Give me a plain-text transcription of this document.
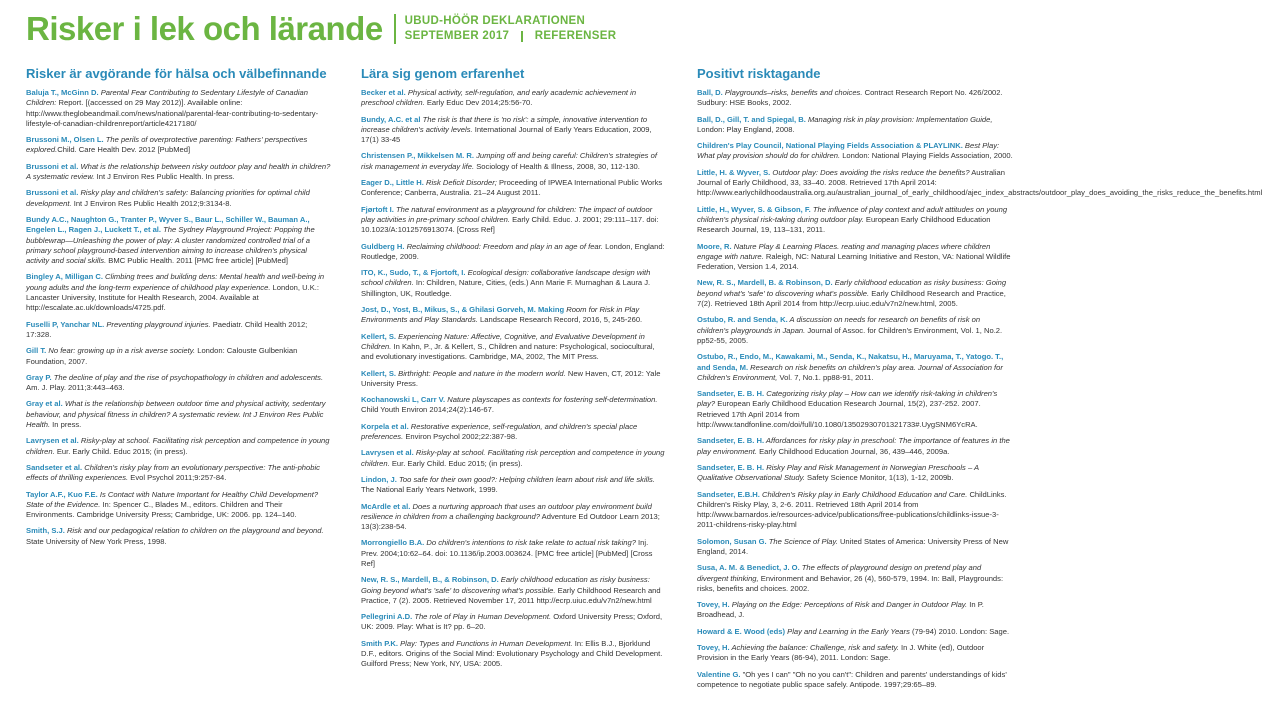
Risker i lek och lärande UBUD-HÖÖR DEKLARATIONEN
SEPTEMBER 2017 REFERENSER
Risker är avgörande för hälsa och välbefinnande

Baluja T., McGinn D. Parental Fear Contributing to Sedentary Lifestyle of Canadian Children: Report. [(accessed on 29 May 2012)]. Available online: http://www.theglobeandmail.com/news/national/parental-fear-contributing-to-sedentary-lifestyle-of-canadian-childrenreport/article4217180/

Brussoni M., Olsen L. The perils of overprotective parenting: Fathers' perspectives explored.Child. Care Health Dev. 2012 [PubMed]

Brussoni et al. What is the relationship between risky outdoor play and health in children? A systematic review. Int J Environ Res Public Health. In press.

Brussoni et al. Risky play and children's safety: Balancing priorities for optimal child development. Int J Environ Res Public Health 2012;9:3134-8.

Bundy A.C., Naughton G., Tranter P., Wyver S., Baur L., Schiller W., Bauman A., Engelen L., Ragen J., Luckett T., et al. The Sydney Playground Project: Popping the bubblewrap—Unleashing the power of play: A cluster randomized controlled trial of a primary school playground-based intervention aiming to increase children's physical activity and social skills. BMC Public Health. 2011 [PMC free article] [PubMed]

Bingley A, Milligan C. Climbing trees and building dens: Mental health and well-being in young adults and the long-term experience of childhood play experience. London, U.K.: Lancaster University, Institute for Health Research, 2004. Available at http://escalate.ac.uk/downloads/4725.pdf.

Fuselli P, Yanchar NL. Preventing playground injuries. Paediatr. Child Health 2012; 17:328.

Gill T. No fear: growing up in a risk averse society. London: Calouste Gulbenkian Foundation, 2007.

Gray P. The decline of play and the rise of psychopathology in children and adolescents. Am. J. Play. 2011;3:443–463.

Gray et al. What is the relationship between outdoor time and physical activity, sedentary behaviour, and physical fitness in children? A systematic review. Int J Environ Res Public Health. In press.

Lavrysen et al. Risky-play at school. Facilitating risk perception and competence in young children. Eur. Early Child. Educ 2015; (in press).

Sandseter et al. Children's risky play from an evolutionary perspective: The anti-phobic effects of thrilling experiences. Evol Psychol 2011;9:257-84.

Taylor A.F., Kuo F.E. Is Contact with Nature Important for Healthy Child Development? State of the Evidence. In: Spencer C., Blades M., editors. Children and Their Environments. Cambridge University Press; Cambridge, UK: 2006. pp. 124–140.

Smith, S.J. Risk and our pedagogical relation to children on the playground and beyond. State University of New York Press, 1998.

Lära sig genom erfarenhet

Becker et al. Physical activity, self-regulation, and early academic achievement in preschool children. Early Educ Dev 2014;25:56-70.

Bundy, A.C. et al The risk is that there is 'no risk': a simple, innovative intervention to increase children's activity levels. International Journal of Early Years Education, 2009, 17(1) 33-45

Christensen P., Mikkelsen M. R. Jumping off and being careful: Children's strategies of risk management in everyday life. Sociology of Health & Illness, 2008, 30, 112-130.

Eager D., Little H. Risk Deficit Disorder; Proceeding of IPWEA International Public Works Conference; Canberra, Australia. 21–24 August 2011.

Fjørtoft I. The natural environment as a playground for children: The impact of outdoor play activities in pre-primary school children. Early Child. Educ. J. 2001; 29:111–117. doi: 10.1023/A:1012576913074. [Cross Ref]

Guldberg H. Reclaiming childhood: Freedom and play in an age of fear. London, England: Routledge, 2009.

ITO, K., Sudo, T., & Fjortoft, I. Ecological design: collaborative landscape design with school children. In: Children, Nature, Cities, (eds.) Ann Marie F. Murnaghan & Laura J. Shillington, UK, Routledge.

Jost, D., Yost, B., Mikus, S., & Ghilasi Gorveh, M. Making Room for Risk in Play Environments and Play Standards. Landscape Research Record, 2016, 5, 245-260.

Kellert, S. Experiencing Nature: Affective, Cognitive, and Evaluative Development in Children. In Kahn, P., Jr. & Kellert, S., Children and nature: Psychological, sociocultural, and evolutionary investigations. Cambridge, MA, 2002, The MIT Press.

Kellert, S. Birthright: People and nature in the modern world. New Haven, CT, 2012: Yale University Press.

Kochanowski L, Carr V. Nature playscapes as contexts for fostering self-determination. Child Youth Environ 2014;24(2):146-67.

Korpela et al. Restorative experience, self-regulation, and children's special place preferences. Environ Psychol 2002;22:387-98.

Lavrysen et al. Risky-play at school. Facilitating risk perception and competence in young children. Eur. Early Child. Educ 2015; (in press).

Lindon, J. Too safe for their own good?: Helping children learn about risk and life skills. The National Early Years Network, 1999.

McArdle et al. Does a nurturing approach that uses an outdoor play environment build resilience in children from a challenging background? Adventure Ed Outdoor Learn 2013; 13(3):238-54.

Morrongiello B.A. Do children's intentions to risk take relate to actual risk taking? Inj. Prev. 2004;10:62–64. doi: 10.1136/ip.2003.003624. [PMC free article] [PubMed] [Cross Ref]

New, R. S., Mardell, B., & Robinson, D. Early childhood education as risky business: Going beyond what's 'safe' to discovering what's possible. Early Childhood Research and Practice, 7 (2). 2005. Retrieved November 17, 2011 http://ecrp.uiuc.edu/v7n2/new.html

Pellegrini A.D. The role of Play in Human Development. Oxford University Press; Oxford, UK: 2009. Play: What is It? pp. 6–20.

Smith P.K. Play: Types and Functions in Human Development. In: Ellis B.J., Bjorklund D.F., editors. Origins of the Social Mind: Evolutionary Psychology and Child Development. Guilford Press; New York, NY, USA: 2005.

Positivt risktagande

Ball, D. Playgrounds–risks, benefits and choices. Contract Research Report No. 426/2002. Sudbury: HSE Books, 2002.

Ball, D., Gill, T. and Spiegal, B. Managing risk in play provision: Implementation Guide, London: Play England, 2008.

Children's Play Council, National Playing Fields Association & PLAYLINK. Best Play: What play provision should do for children. London: National Playing Fields Association, 2000.

Little, H. & Wyver, S. Outdoor play: Does avoiding the risks reduce the benefits? Australian Journal of Early Childhood, 33, 33–40. 2008. Retrieved 17th April 2014: http://www.earlychildhoodaustralia.org.au/australian_journal_of_early_childhood/ajec_index_abstracts/outdoor_play_does_avoiding_the_risks_reduce_the_benefits.html

Little, H., Wyver, S. & Gibson, F. The influence of play context and adult attitudes on young children's physical risk-taking during outdoor play. European Early Childhood Education Research Journal, 19, 113–131, 2011.

Moore, R. Nature Play & Learning Places. reating and managing places where children engage with nature. Raleigh, NC: Natural Learning Initiative and Reston, VA: National Wildlife Federation, Version 1.4, 2014.

New, R. S., Mardell, B. & Robinson, D. Early childhood education as risky business: Going beyond what's 'safe' to discovering what's possible. Early Childhood Research and Practice, 7(2). Retrieved 18th April 2014 from http://ecrp.uiuc.edu/v7n2/new.html, 2005.

Ostubo, R. and Senda, K. A discussion on needs for research on benefits of risk on children's playgrounds in Japan. Journal of Assoc. for Children's Environment, Vol. 1, No.2. pp52-55, 2005.

Ostubo, R., Endo, M., Kawakami, M., Senda, K., Nakatsu, H., Maruyama, T., Yatogo. T., and Senda, M. Research on risk benefits on children's play area. Journal of Association for Children's Environment, Vol. 7, No.1. pp88-91, 2011.

Sandseter, E. B. H. Categorizing risky play – How can we identify risk-taking in children's play? European Early Childhood Education Research Journal, 15(2), 237-252. 2007. Retrieved 17th April 2014 from http://www.tandfonline.com/doi/full/10.1080/13502930701321733#.UygSNM6YcRA.

Sandseter, E. B. H. Affordances for risky play in preschool: The importance of features in the play environment. Early Childhood Education Journal, 36, 439–446, 2009a.

Sandseter, E. B. H. Risky Play and Risk Management in Norwegian Preschools – A Qualitative Observational Study. Safety Science Monitor, 1(13), 1-12, 2009b.

Sandseter, E.B.H. Children's Risky play in Early Childhood Education and Care. ChildLinks. Children's Risky Play, 3, 2-6. 2011. Retrieved 18th April 2014 from http://www.barnardos.ie/resources-advice/publications/free-publications/childlinks-issue-3-2011-childrens-risky-play.html

Solomon, Susan G. The Science of Play. United States of America: University Press of New England, 2014.

Susa, A. M. & Benedict, J. O. The effects of playground design on pretend play and divergent thinking, Environment and Behavior, 26 (4), 560-579, 1994. In: Ball, Playgrounds: risks, benefits and choices. 2002.

Tovey, H. Playing on the Edge: Perceptions of Risk and Danger in Outdoor Play. In P. Broadhead, J.

Howard & E. Wood (eds) Play and Learning in the Early Years (79-94) 2010. London: Sage.

Tovey, H. Achieving the balance: Challenge, risk and safety. In J. White (ed), Outdoor Provision in the Early Years (86-94), 2011. London: Sage.

Valentine G. "Oh yes I can" "Oh no you can't": Children and parents' understandings of kids' competence to negotiate public space safely. Antipode. 1997;29:65–89.
